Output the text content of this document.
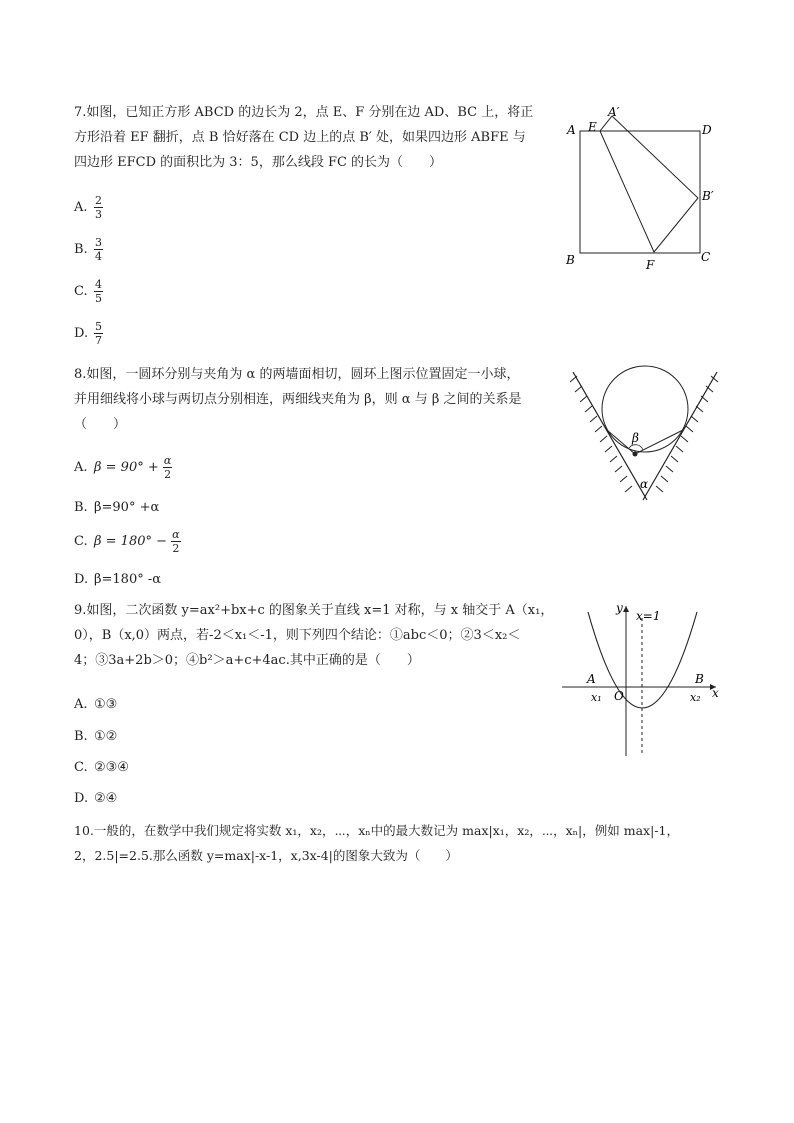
7.如图，已知正方形 ABCD 的边长为 2，点 E、F 分别在边 AD、BC 上，将正
方形沿着 EF 翻折，点 B 恰好落在 CD 边上的点 B′ 处，如果四边形 ABFE 与
四边形 EFCD 的面积比为 3：5，那么线段 FC 的长为（　　）
A. $\frac{2}{3}$
B. $\frac{3}{4}$
C. $\frac{4}{5}$
D. $\frac{5}{7}$
A E
A′
D
B′
B	F
C
8.如图，一圆环分别与夹角为 α 的两墙面相切，圆环上图示位置固定一小球，
并用细线将小球与两切点分别相连，两细线夹角为 β，则 α 与 β 之间的关系是
（　　）
A. $\beta = 90^\circ + \frac{\alpha}{2}$
B. β=90° +α
C. $\beta = 180^\circ - \frac{\alpha}{2}$
D. β=180° -α
β
α
9.如图，二次函数 y=ax²+bx+c 的图象关于直线 x=1 对称，与 x 轴交于 A（x₁，
0），B（x,0）两点，若-2＜x₁＜-1，则下列四个结论：①abc＜0；②3＜x₂＜
4；③3a+2b＞0；④b²＞a+c+4ac.其中正确的是（　　）
A. ①③
B. ①②
C. ②③④
D. ②④
y
x=1
x
A	B
O
x₁	x₂
10.一般的，在数学中我们规定将实数 x₁，x₂，⋯，xₙ中的最大数记为 max|x₁，x₂，⋯，xₙ|，例如 max|-1，
2，2.5|=2.5.那么函数 y=max|-x-1，x,3x-4|的图象大致为（　　）
